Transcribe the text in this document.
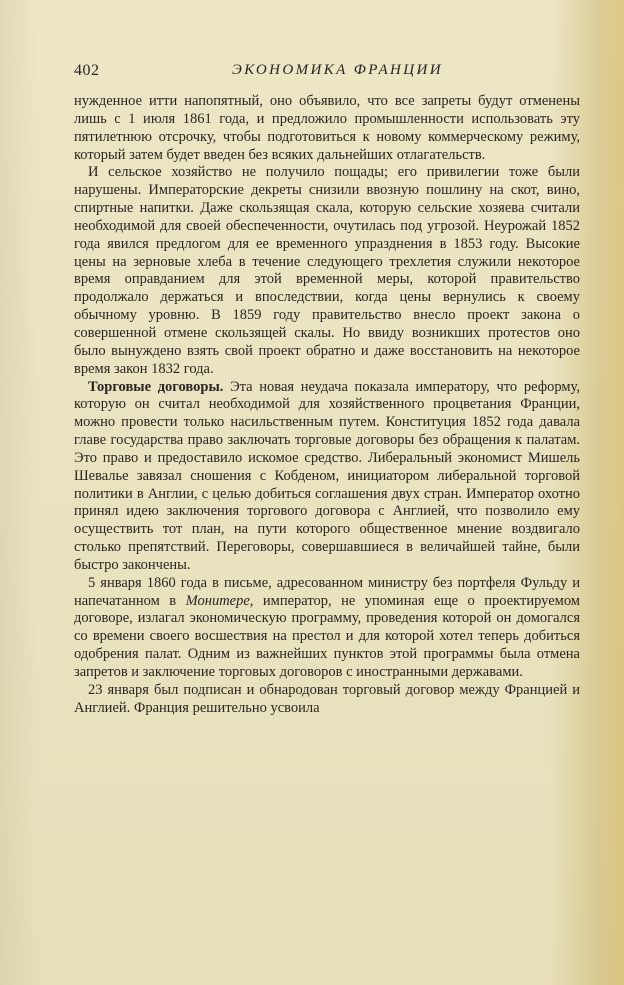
402	ЭКОНОМИКА ФРАНЦИИ

нужденное итти напопятный, оно объявило, что все запреты будут отменены лишь с 1 июля 1861 года, и предложило промышленности использовать эту пятилетнюю отсрочку, чтобы подготовиться к новому коммерческому режиму, который затем будет введен без всяких дальнейших отлагательств.

И сельское хозяйство не получило пощады; его привилегии тоже были нарушены. Императорские декреты снизили ввозную пошлину на скот, вино, спиртные напитки. Даже скользящая скала, которую сельские хозяева считали необходимой для своей обеспеченности, очутилась под угрозой. Неурожай 1852 года явился предлогом для ее временного упразднения в 1853 году. Высокие цены на зерновые хлеба в течение следующего трехлетия служили некоторое время оправданием для этой временной меры, которой правительство продолжало держаться и впоследствии, когда цены вернулись к своему обычному уровню. В 1859 году правительство внесло проект закона о совершенной отмене скользящей скалы. Но ввиду возникших протестов оно было вынуждено взять свой проект обратно и даже восстановить на некоторое время закон 1832 года.

Торговые договоры. Эта новая неудача показала императору, что реформу, которую он считал необходимой для хозяйственного процветания Франции, можно провести только насильственным путем. Конституция 1852 года давала главе государства право заключать торговые договоры без обращения к палатам. Это право и предоставило искомое средство. Либеральный экономист Мишель Шевалье завязал сношения с Кобденом, инициатором либеральной торговой политики в Англии, с целью добиться соглашения двух стран. Император охотно принял идею заключения торгового договора с Англией, что позволило ему осуществить тот план, на пути которого общественное мнение воздвигало столько препятствий. Переговоры, совершавшиеся в величайшей тайне, были быстро закончены.

5 января 1860 года в письме, адресованном министру без портфеля Фульду и напечатанном в Монитере, император, не упоминая еще о проектируемом договоре, излагал экономическую программу, проведения которой он домогался со времени своего восшествия на престол и для которой хотел теперь добиться одобрения палат. Одним из важнейших пунктов этой программы была отмена запретов и заключение торговых договоров с иностранными державами.

23 января был подписан и обнародован торговый договор между Францией и Англией. Франция решительно усвоила
